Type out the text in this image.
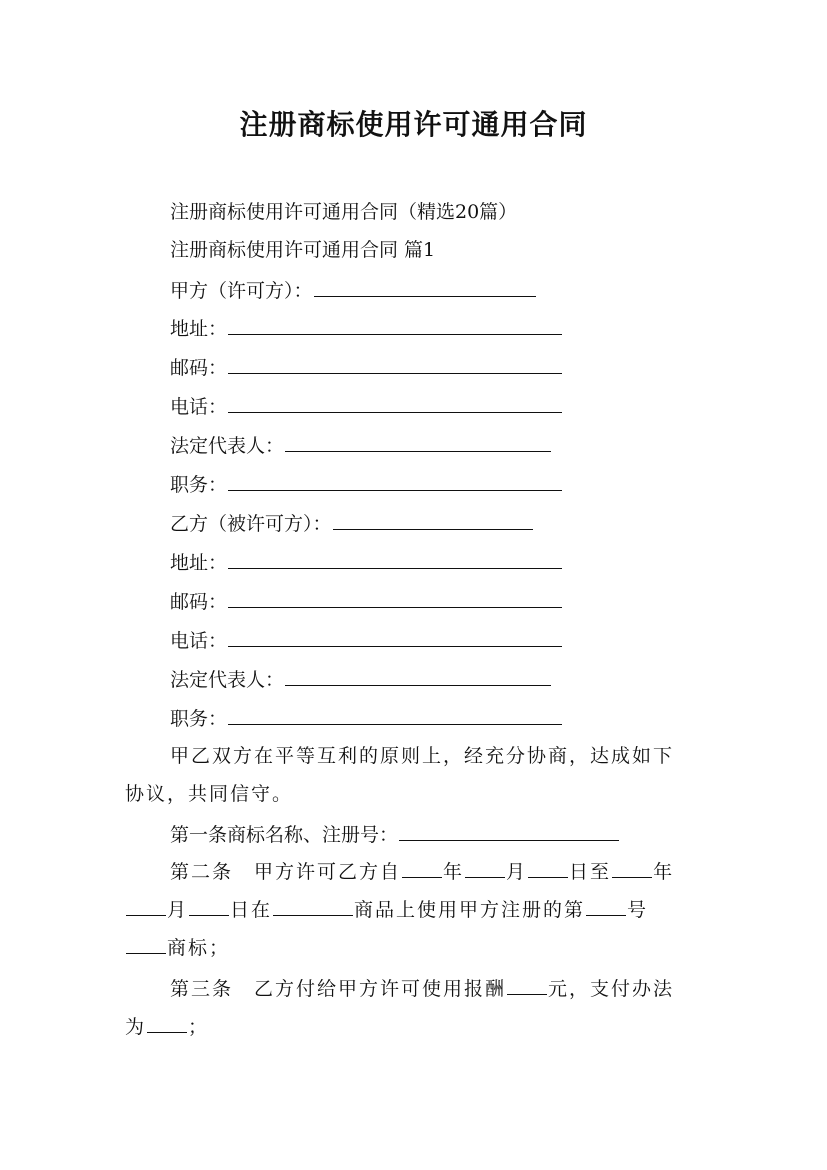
注册商标使用许可通用合同
注册商标使用许可通用合同（精选20篇）
注册商标使用许可通用合同 篇1
甲方（许可方）：
地址：
邮码：
电话：
法定代表人：
职务：
乙方（被许可方）：
地址：
邮码：
电话：
法定代表人：
职务：
甲乙双方在平等互利的原则上，经充分协商，达成如下
协议，共同信守。
第一条商标名称、注册号：
第二条　甲方许可乙方自 年 月 日至 年
月 日在	商品上使用甲方注册的第 号
商标；
第三条　乙方付给甲方许可使用报酬 元，支付办法
为 ；
